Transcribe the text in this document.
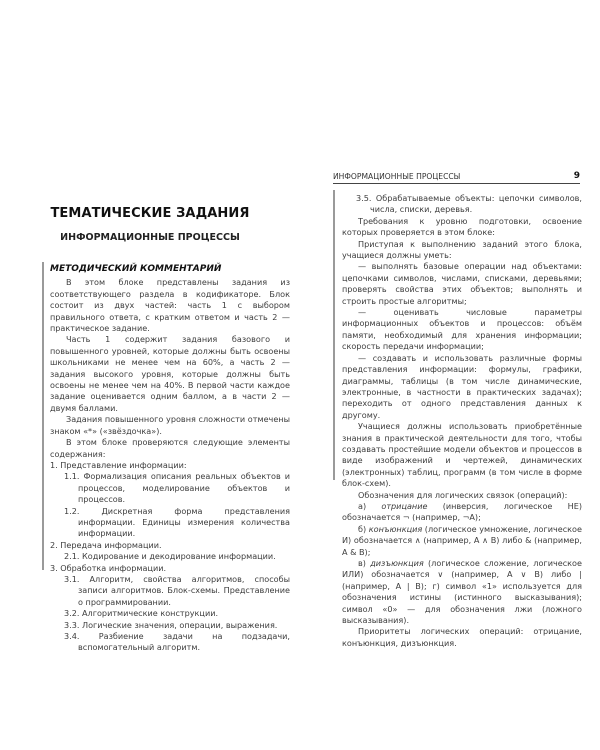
ТЕМАТИЧЕСКИЕ ЗАДАНИЯ
ИНФОРМАЦИОННЫЕ ПРОЦЕССЫ
МЕТОДИЧЕСКИЙ КОММЕНТАРИЙ

В этом блоке представлены задания из соответствующего раздела в кодификаторе. Блок состоит из двух частей: часть 1 с выбором правильного ответа, с кратким ответом и часть 2 — практическое задание.

Часть 1 содержит задания базового и повышенного уровней, которые должны быть освоены школьниками не менее чем на 60%, а часть 2 — задания высокого уровня, которые должны быть освоены не менее чем на 40%. В первой части каждое задание оценивается одним баллом, а в части 2 — двумя баллами.

Задания повышенного уровня сложности отмечены знаком «*» («звёздочка»).

В этом блоке проверяются следующие элементы содержания:

1. Представление информации:

1.1. Формализация описания реальных объектов и процессов, моделирование объектов и процессов.

1.2. Дискретная форма представления информации. Единицы измерения количества информации.

2. Передача информации.

2.1. Кодирование и декодирование информации.

3. Обработка информации.

3.1. Алгоритм, свойства алгоритмов, способы записи алгоритмов. Блок-схемы. Представление о программировании.

3.2. Алгоритмические конструкции.

3.3. Логические значения, операции, выражения.

3.4. Разбиение задачи на подзадачи, вспомогательный алгоритм.

ИНФОРМАЦИОННЫЕ ПРОЦЕССЫ	9

3.5. Обрабатываемые объекты: цепочки символов, числа, списки, деревья.

Требования к уровню подготовки, освоение которых проверяется в этом блоке:

Приступая к выполнению заданий этого блока, учащиеся должны уметь:

— выполнять базовые операции над объектами: цепочками символов, числами, списками, деревьями; проверять свойства этих объектов; выполнять и строить простые алгоритмы;

— оценивать числовые параметры информационных объектов и процессов: объём памяти, необходимый для хранения информации; скорость передачи информации;

— создавать и использовать различные формы представления информации: формулы, графики, диаграммы, таблицы (в том числе динамические, электронные, в частности в практических задачах); переходить от одного представления данных к другому.

Учащиеся должны использовать приобретённые знания в практической деятельности для того, чтобы создавать простейшие модели объектов и процессов в виде изображений и чертежей, динамических (электронных) таблиц, программ (в том числе в форме блок-схем).

Обозначения для логических связок (операций):

а) отрицание (инверсия, логическое НЕ) обозначается ¬ (например, ¬A);

б) конъюнкция (логическое умножение, логическое И) обозначается ∧ (например, A ∧ B) либо & (например, A & B);

в) дизъюнкция (логическое сложение, логическое ИЛИ) обозначается ∨ (например, A ∨ B) либо | (например, A | B); г) символ «1» используется для обозначения истины (истинного высказывания); символ «0» — для обозначения лжи (ложного высказывания).

Приоритеты логических операций: отрицание, конъюнкция, дизъюнкция.
